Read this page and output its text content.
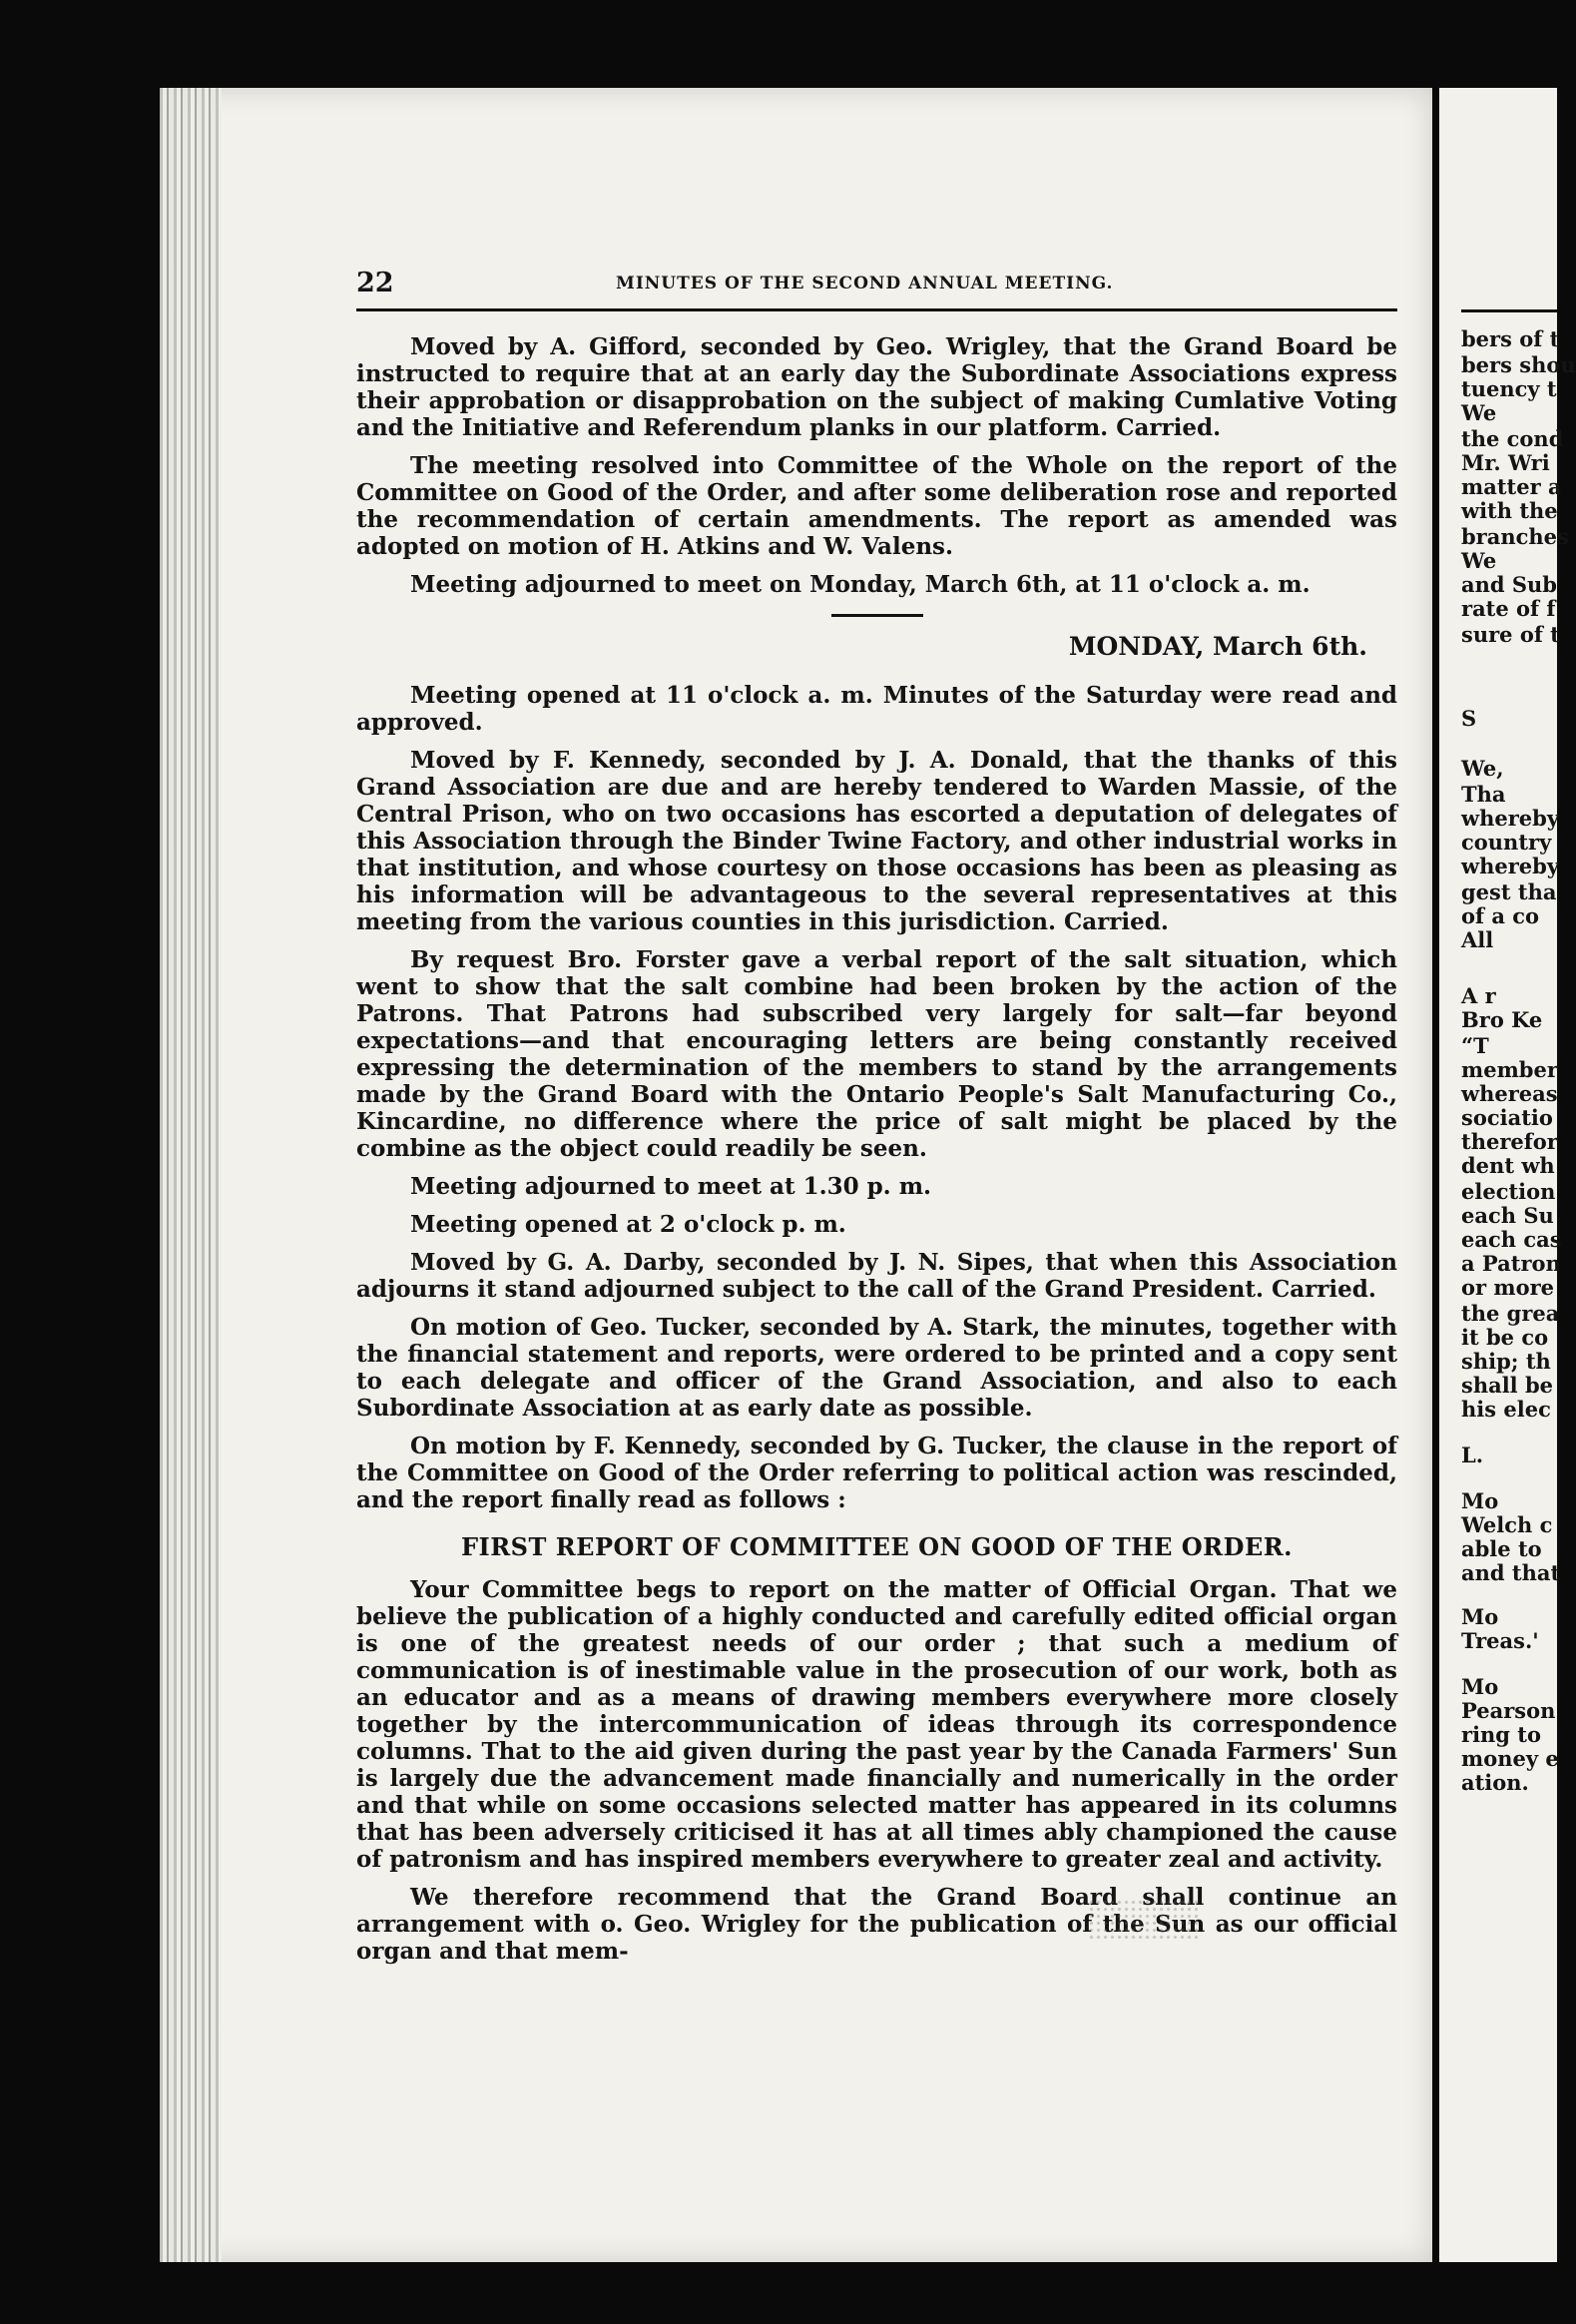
22	MINUTES OF THE SECOND ANNUAL MEETING.

Moved by A. Gifford, seconded by Geo. Wrigley, that the Grand Board be instructed to require that at an early day the Subordinate Associations express their approbation or disapprobation on the subject of making Cumlative Voting and the Initiative and Referendum planks in our platform. Carried.

The meeting resolved into Committee of the Whole on the report of the Committee on Good of the Order, and after some deliberation rose and reported the recommendation of certain amendments. The report as amended was adopted on motion of H. Atkins and W. Valens.

Meeting adjourned to meet on Monday, March 6th, at 11 o'clock a. m.

MONDAY, March 6th.

Meeting opened at 11 o'clock a. m. Minutes of the Saturday were read and approved.

Moved by F. Kennedy, seconded by J. A. Donald, that the thanks of this Grand Association are due and are hereby tendered to Warden Massie, of the Central Prison, who on two occasions has escorted a deputation of delegates of this Association through the Binder Twine Factory, and other industrial works in that institution, and whose courtesy on those occasions has been as pleasing as his information will be advantageous to the several representatives at this meeting from the various counties in this jurisdiction. Carried.

By request Bro. Forster gave a verbal report of the salt situation, which went to show that the salt combine had been broken by the action of the Patrons. That Patrons had subscribed very largely for salt—far beyond expectations—and that encouraging letters are being constantly received expressing the determination of the members to stand by the arrangements made by the Grand Board with the Ontario People's Salt Manufacturing Co., Kincardine, no difference where the price of salt might be placed by the combine as the object could readily be seen.

Meeting adjourned to meet at 1.30 p. m.

Meeting opened at 2 o'clock p. m.

Moved by G. A. Darby, seconded by J. N. Sipes, that when this Association adjourns it stand adjourned subject to the call of the Grand President. Carried.

On motion of Geo. Tucker, seconded by A. Stark, the minutes, together with the financial statement and reports, were ordered to be printed and a copy sent to each delegate and officer of the Grand Association, and also to each Subordinate Association at as early date as possible.

On motion by F. Kennedy, seconded by G. Tucker, the clause in the report of the Committee on Good of the Order referring to political action was rescinded, and the report finally read as follows :

FIRST REPORT OF COMMITTEE ON GOOD OF THE ORDER.

Your Committee begs to report on the matter of Official Organ. That we believe the publication of a highly conducted and carefully edited official organ is one of the greatest needs of our order ; that such a medium of communication is of inestimable value in the prosecution of our work, both as an educator and as a means of drawing members everywhere more closely together by the intercommunication of ideas through its correspondence columns. That to the aid given during the past year by the Canada Farmers' Sun is largely due the advancement made financially and numerically in the order and that while on some occasions selected matter has appeared in its columns that has been adversely criticised it has at all times ably championed the cause of patronism and has inspired members everywhere to greater zeal and activity.

We therefore recommend that the Grand Board shall continue an arrangement with o. Geo. Wrigley for the publication of the Sun as our official organ and that mem-

bers of t
bers shou
tuency t
We
the cond
Mr. Wri
matter a
with the
branches
We
and Sub
rate of f
sure of t
S
We,
Tha
whereby
country
whereby
gest tha
of a co
All
A r
Bro Ke
“T
member
whereas
sociatio
therefor
dent wh
election
each Su
each cas
a Patron
or more
the grea
it be co
ship; th
shall be
his elec
L.
Mo
Welch c
able to
and that
Mo
Treas.'
Mo
Pearson
ring to
money e
ation.
